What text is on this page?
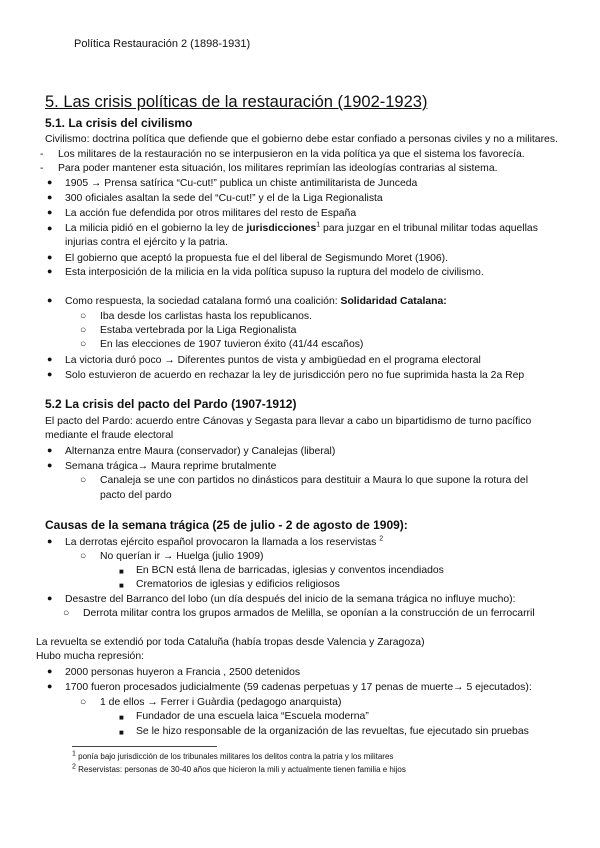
Política Restauración 2 (1898-1931)
5. Las crisis políticas de la restauración (1902-1923)
5.1. La crisis del civilismo
Civilismo: doctrina política que defiende que el gobierno debe estar confiado a personas civiles y no a militares.
- Los militares de la restauración no se interpusieron en la vida política ya que el sistema los favorecía.
- Para poder mantener esta situación, los militares reprimían las ideologías contrarias al sistema.
● 1905 → Prensa satírica “Cu-cut!” publica un chiste antimilitarista de Junceda
● 300 oficiales asaltan la sede del “Cu-cut!” y el de la Liga Regionalista
● La acción fue defendida por otros militares del resto de España
● La milicia pidió en el gobierno la ley de jurisdicciones$^1$ para juzgar en el tribunal militar todas aquellas
injurias contra el ejército y la patria.
● El gobierno que aceptó la propuesta fue el del liberal de Segismundo Moret (1906).
● Esta interposición de la milicia en la vida política supuso la ruptura del modelo de civilismo.
● Como respuesta, la sociedad catalana formó una coalición: Solidaridad Catalana:
○ Iba desde los carlistas hasta los republicanos.
○ Estaba vertebrada por la Liga Regionalista
○ En las elecciones de 1907 tuvieron éxito (41/44 escaños)
● La victoria duró poco → Diferentes puntos de vista y ambigüedad en el programa electoral
● Solo estuvieron de acuerdo en rechazar la ley de jurisdicción pero no fue suprimida hasta la 2a Rep
5.2 La crisis del pacto del Pardo (1907-1912)
El pacto del Pardo: acuerdo entre Cánovas y Segasta para llevar a cabo un bipartidismo de turno pacífico
mediante el fraude electoral
● Alternanza entre Maura (conservador) y Canalejas (liberal)
● Semana trágica→ Maura reprime brutalmente
○ Canaleja se une con partidos no dinásticos para destituir a Maura lo que supone la rotura del
pacto del pardo
Causas de la semana trágica (25 de julio - 2 de agosto de 1909):
● La derrotas ejército español provocaron la llamada a los reservistas $^2$
○ No querían ir → Huelga (julio 1909)
■ En BCN está llena de barricadas, iglesias y conventos incendiados
■ Crematorios de iglesias y edificios religiosos
● Desastre del Barranco del lobo (un día después del inicio de la semana trágica no influye mucho):
○ Derrota militar contra los grupos armados de Melilla, se oponían a la construcción de un ferrocarril
La revuelta se extendió por toda Cataluña (había tropas desde Valencia y Zaragoza)
Hubo mucha represión:
● 2000 personas huyeron a Francia , 2500 detenidos
● 1700 fueron procesados judicialmente (59 cadenas perpetuas y 17 penas de muerte→ 5 ejecutados):
○ 1 de ellos → Ferrer i Guàrdia (pedagogo anarquista)
■ Fundador de una escuela laica “Escuela moderna”
■ Se le hizo responsable de la organización de las revueltas, fue ejecutado sin pruebas
$^1$ ponía bajo jurisdicción de los tribunales militares los delitos contra la patria y los militares
$^2$ Reservistas: personas de 30-40 años que hicieron la mili y actualmente tienen familia e hijos
